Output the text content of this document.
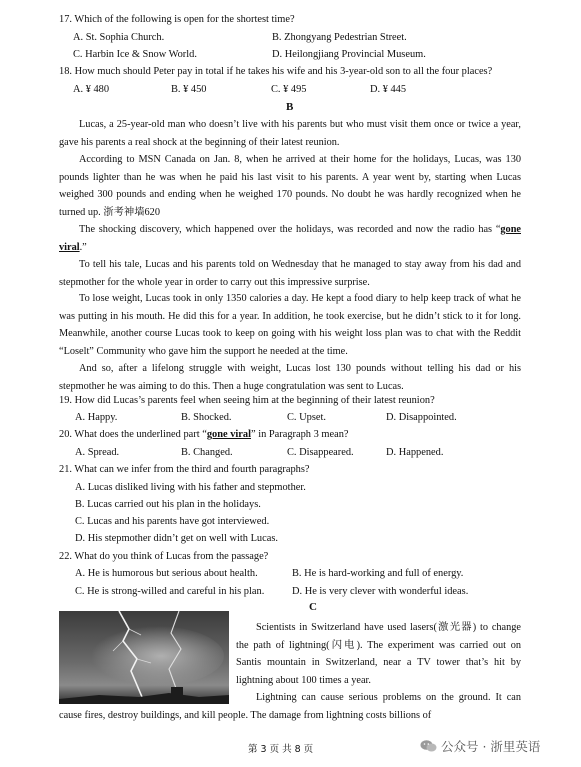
17. Which of the following is open for the shortest time?
A. St. Sophia Church.	B. Zhongyang Pedestrian Street.
C. Harbin Ice & Snow World.	D. Heilongjiang Provincial Museum.
18. How much should Peter pay in total if he takes his wife and his 3-year-old son to all the four places?
A. ¥ 480	B. ¥ 450	C. ¥ 495	D. ¥ 445
B
Lucas, a 25-year-old man who doesn’t live with his parents but who must visit them once or twice a year, gave his parents a real shock at the beginning of their latest reunion.
According to MSN Canada on Jan. 8, when he arrived at their home for the holidays, Lucas, was 130 pounds lighter than he was when he paid his last visit to his parents. A year went by, starting when Lucas weighed 300 pounds and ending when he weighed 170 pounds. No doubt he was hardly recognized when he turned up. 浙考神墙620
The shocking discovery, which happened over the holidays, was recorded and now the radio has “gone viral.”
To tell his tale, Lucas and his parents told on Wednesday that he managed to stay away from his dad and stepmother for the whole year in order to carry out this impressive surprise.
To lose weight, Lucas took in only 1350 calories a day. He kept a food diary to help keep track of what he was putting in his mouth. He did this for a year. In addition, he took exercise, but he didn’t stick to it for long. Meanwhile, another course Lucas took to keep on going with his weight loss plan was to chat with the Reddit “Loselt” Community who gave him the support he needed at the time.
And so, after a lifelong struggle with weight, Lucas lost 130 pounds without telling his dad or his stepmother he was aiming to do this. Then a huge congratulation was sent to Lucas.
19. How did Lucas’s parents feel when seeing him at the beginning of their latest reunion?
A. Happy.	B. Shocked.	C. Upset.	D. Disappointed.
20. What does the underlined part “gone viral” in Paragraph 3 mean?
A. Spread.	B. Changed.	C. Disappeared.	D. Happened.
21. What can we infer from the third and fourth paragraphs?
A. Lucas disliked living with his father and stepmother.
B. Lucas carried out his plan in the holidays.
C. Lucas and his parents have got interviewed.
D. His stepmother didn’t get on well with Lucas.
22. What do you think of Lucas from the passage?
A. He is humorous but serious about health.	B. He is hard-working and full of energy.
C. He is strong-willed and careful in his plan.	D. He is very clever with wonderful ideas.
C
Scientists in Switzerland have used lasers(激光器) to change the path of lightning(闪电). The experiment was carried out on Santis mountain in Switzerland, near a TV tower that’s hit by lightning about 100 times a year.
Lightning can cause serious problems on the ground. It can cause fires, destroy buildings, and kill people. The damage from lightning costs billions of
第 3 页 共 8 页	公众号 · 浙里英语
